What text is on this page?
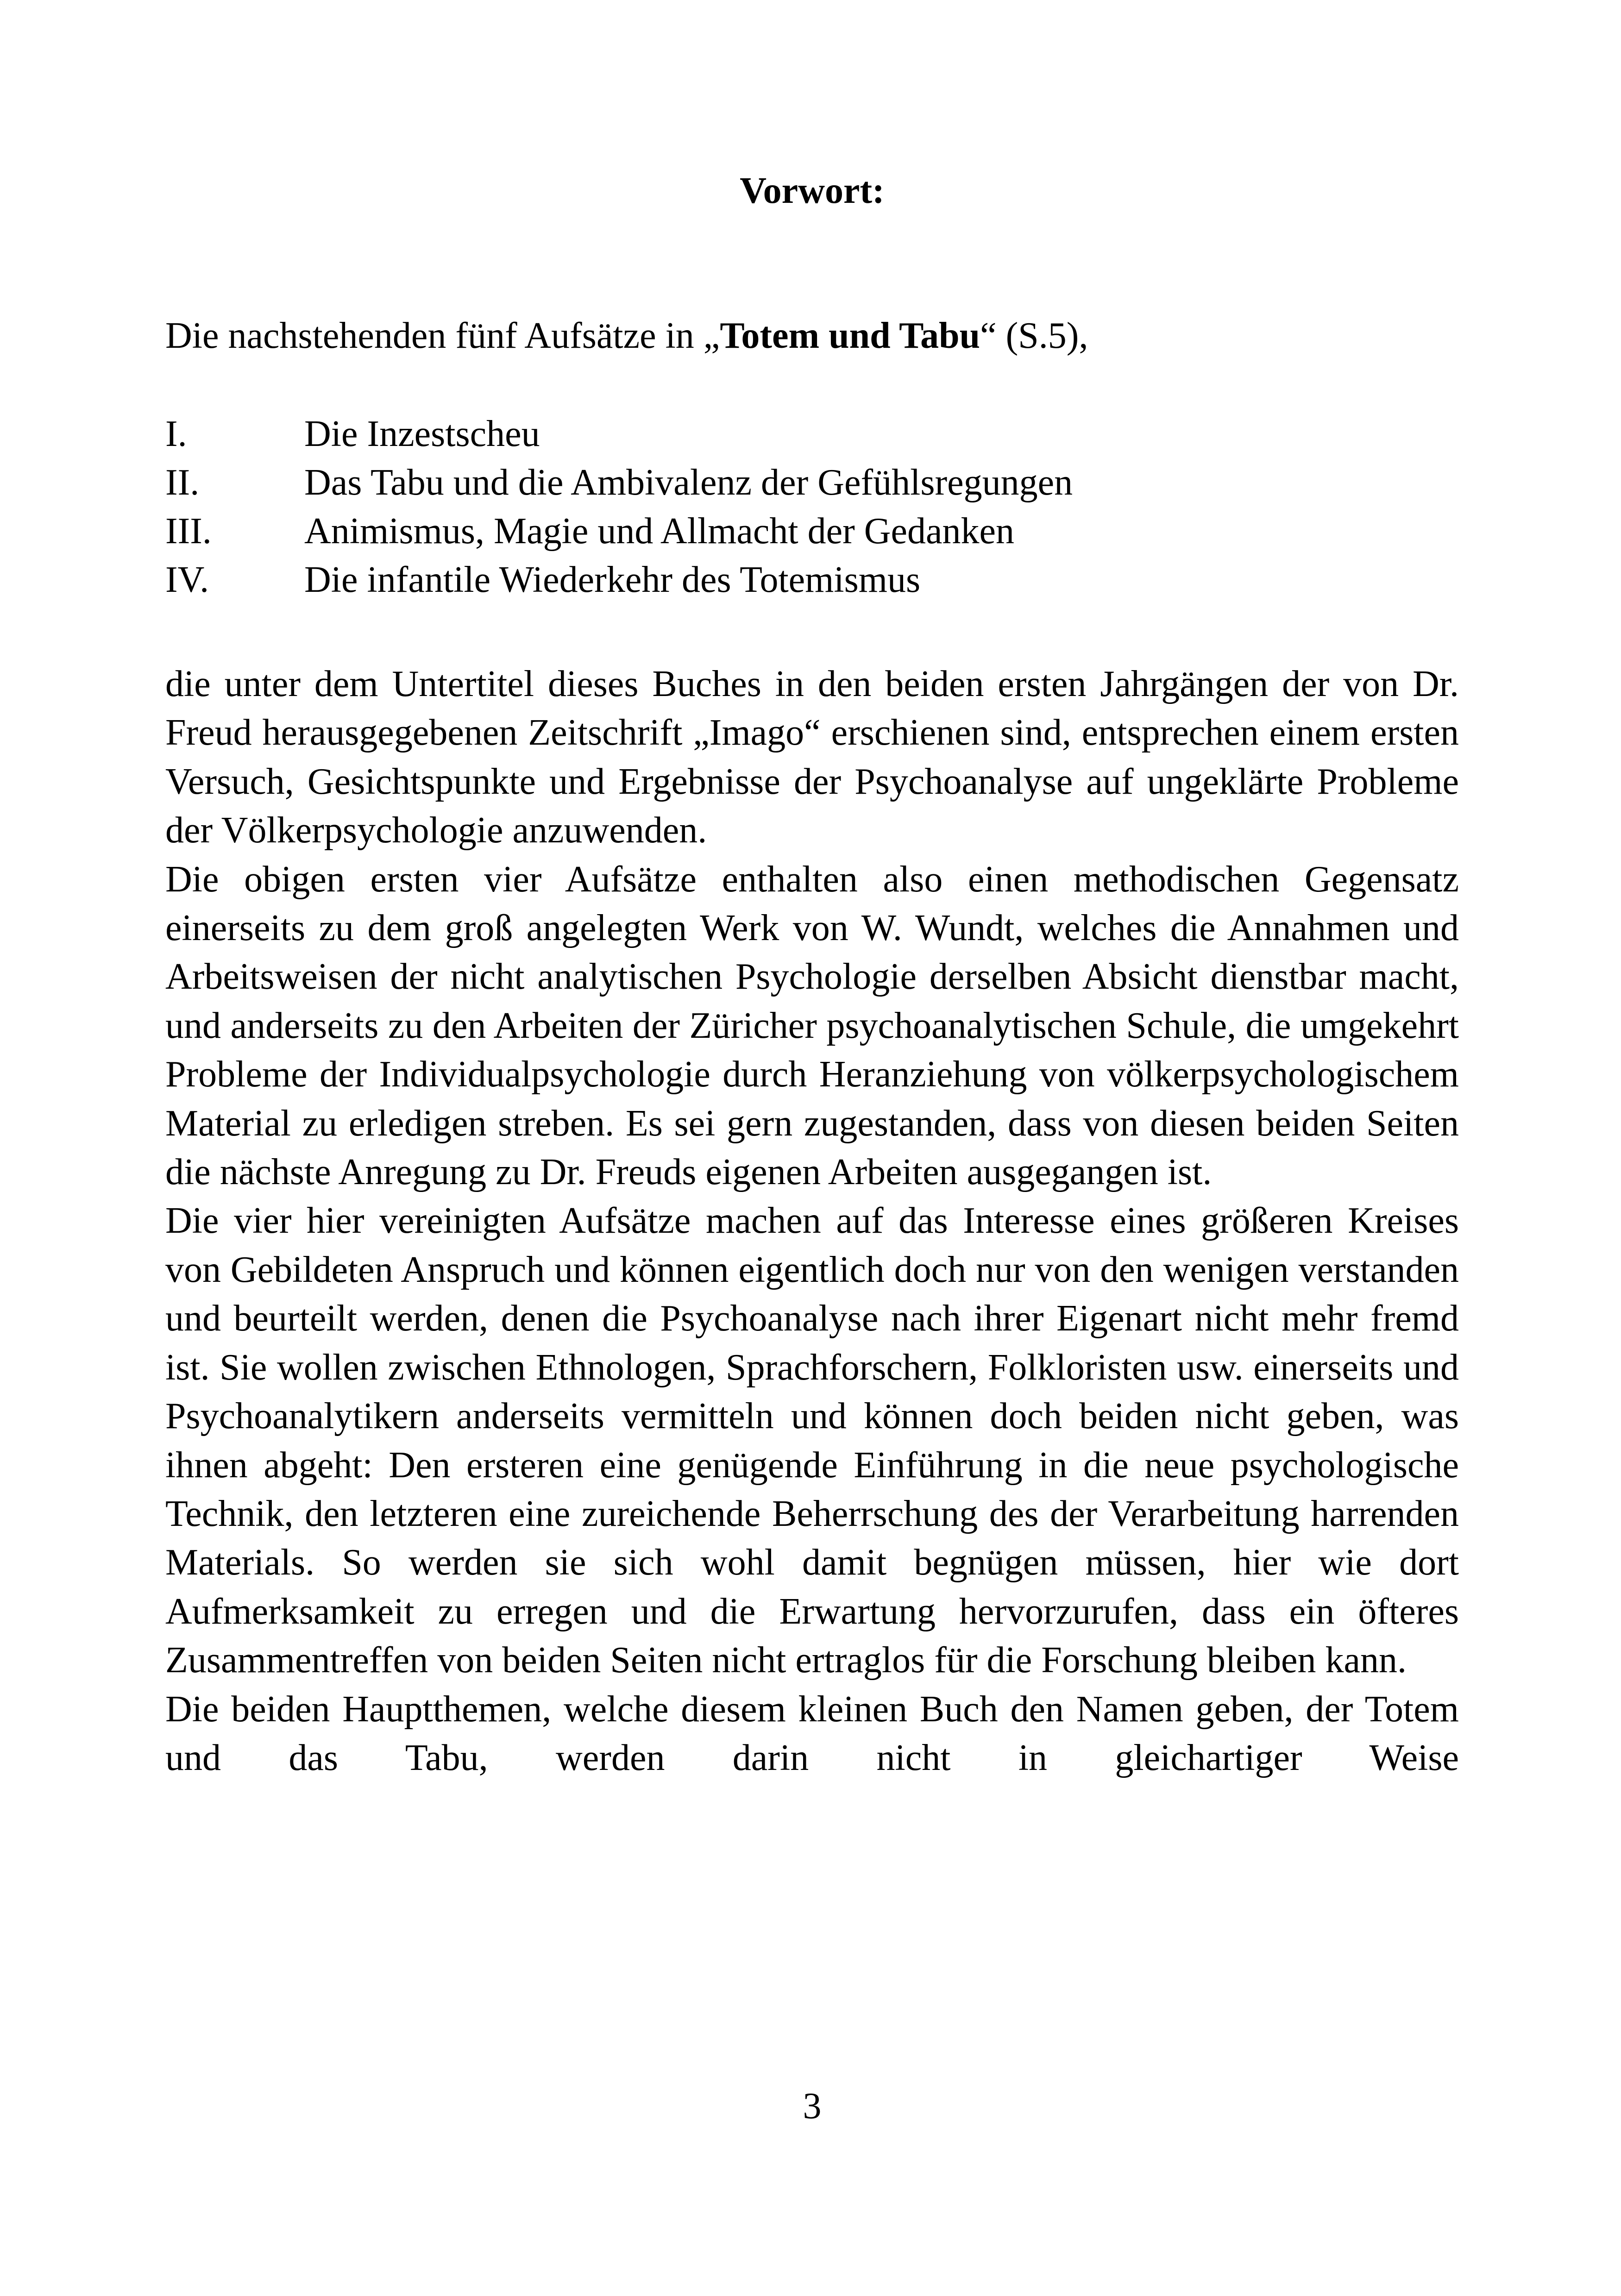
Vorwort:

Die nachstehenden fünf Aufsätze in „Totem und Tabu“ (S.5),

I.	Die Inzestscheu
II.	Das Tabu und die Ambivalenz der Gefühlsregungen
III.	Animismus, Magie und Allmacht der Gedanken
IV.	Die infantile Wiederkehr des Totemismus

die unter dem Untertitel dieses Buches in den beiden ersten Jahrgängen der von Dr. Freud herausgegebenen Zeitschrift „Imago“ erschienen sind, entsprechen einem ersten Versuch, Gesichtspunkte und Ergebnisse der Psychoanalyse auf ungeklärte Probleme der Völkerpsychologie anzuwenden.

Die obigen ersten vier Aufsätze enthalten also einen methodischen Gegensatz einerseits zu dem groß angelegten Werk von W. Wundt, welches die Annahmen und Arbeitsweisen der nicht analytischen Psychologie derselben Absicht dienstbar macht, und anderseits zu den Arbeiten der Züricher psychoanalytischen Schule, die umgekehrt Probleme der Individualpsychologie durch Heranziehung von völkerpsychologischem Material zu erledigen streben. Es sei gern zugestanden, dass von diesen beiden Seiten die nächste Anregung zu Dr. Freuds eigenen Arbeiten ausgegangen ist.

Die vier hier vereinigten Aufsätze machen auf das Interesse eines größeren Kreises von Gebildeten Anspruch und können eigentlich doch nur von den wenigen verstanden und beurteilt werden, denen die Psychoanalyse nach ihrer Eigenart nicht mehr fremd ist. Sie wollen zwischen Ethnologen, Sprachforschern, Folkloristen usw. einerseits und Psychoanalytikern anderseits vermitteln und können doch beiden nicht geben, was ihnen abgeht: Den ersteren eine genügende Einführung in die neue psychologische Technik, den letzteren eine zureichende Beherrschung des der Verarbeitung harrenden Materials. So werden sie sich wohl damit begnügen müssen, hier wie dort Aufmerksamkeit zu erregen und die Erwartung hervorzurufen, dass ein öfteres Zusammentreffen von beiden Seiten nicht ertraglos für die Forschung bleiben kann.

Die beiden Hauptthemen, welche diesem kleinen Buch den Namen geben, der Totem und das Tabu, werden darin nicht in gleichartiger Weise

3
